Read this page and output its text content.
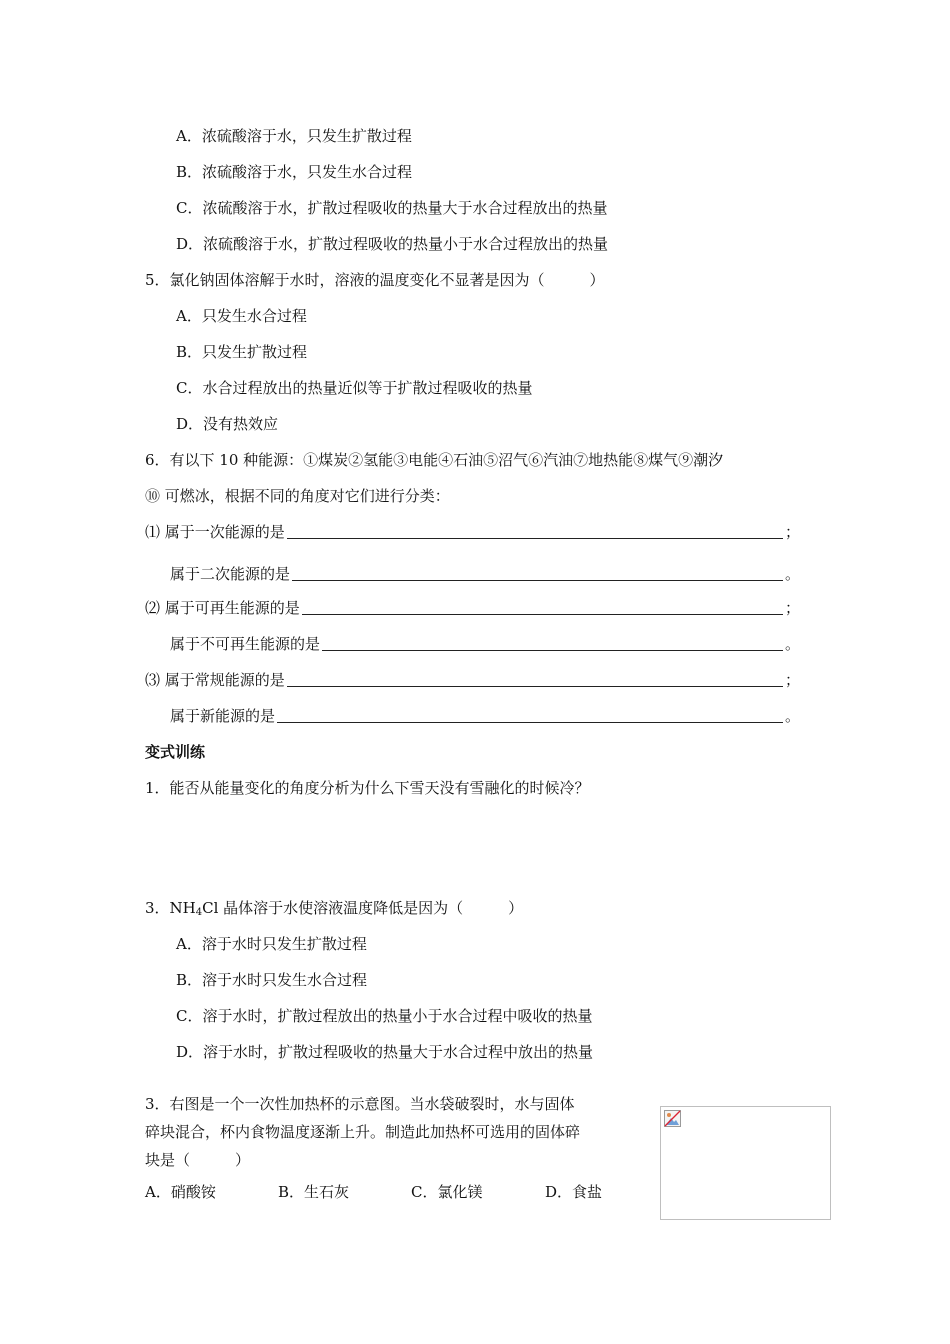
A．浓硫酸溶于水，只发生扩散过程
B．浓硫酸溶于水，只发生水合过程
C．浓硫酸溶于水，扩散过程吸收的热量大于水合过程放出的热量
D．浓硫酸溶于水，扩散过程吸收的热量小于水合过程放出的热量
5．氯化钠固体溶解于水时，溶液的温度变化不显著是因为（　　　）
A．只发生水合过程
B．只发生扩散过程
C．水合过程放出的热量近似等于扩散过程吸收的热量
D．没有热效应
6．有以下 10 种能源：①煤炭②氢能③电能④石油⑤沼气⑥汽油⑦地热能⑧煤气⑨潮汐
⑩ 可燃冰，根据不同的角度对它们进行分类：
⑴ 属于一次能源的是	；
属于二次能源的是	。
⑵ 属于可再生能源的是	；
属于不可再生能源的是	。
⑶ 属于常规能源的是	；
属于新能源的是	。
变式训练
1．能否从能量变化的角度分析为什么下雪天没有雪融化的时候冷？
3．$NH_4Cl$ 晶体溶于水使溶液温度降低是因为（　　　）
A．溶于水时只发生扩散过程
B．溶于水时只发生水合过程
C．溶于水时，扩散过程放出的热量小于水合过程中吸收的热量
D．溶于水时，扩散过程吸收的热量大于水合过程中放出的热量
3．右图是一个一次性加热杯的示意图。当水袋破裂时，水与固体
碎块混合，杯内食物温度逐渐上升。制造此加热杯可选用的固体碎
块是（　　　）
A．硝酸铵	B．生石灰	C．氯化镁	D．食盐
